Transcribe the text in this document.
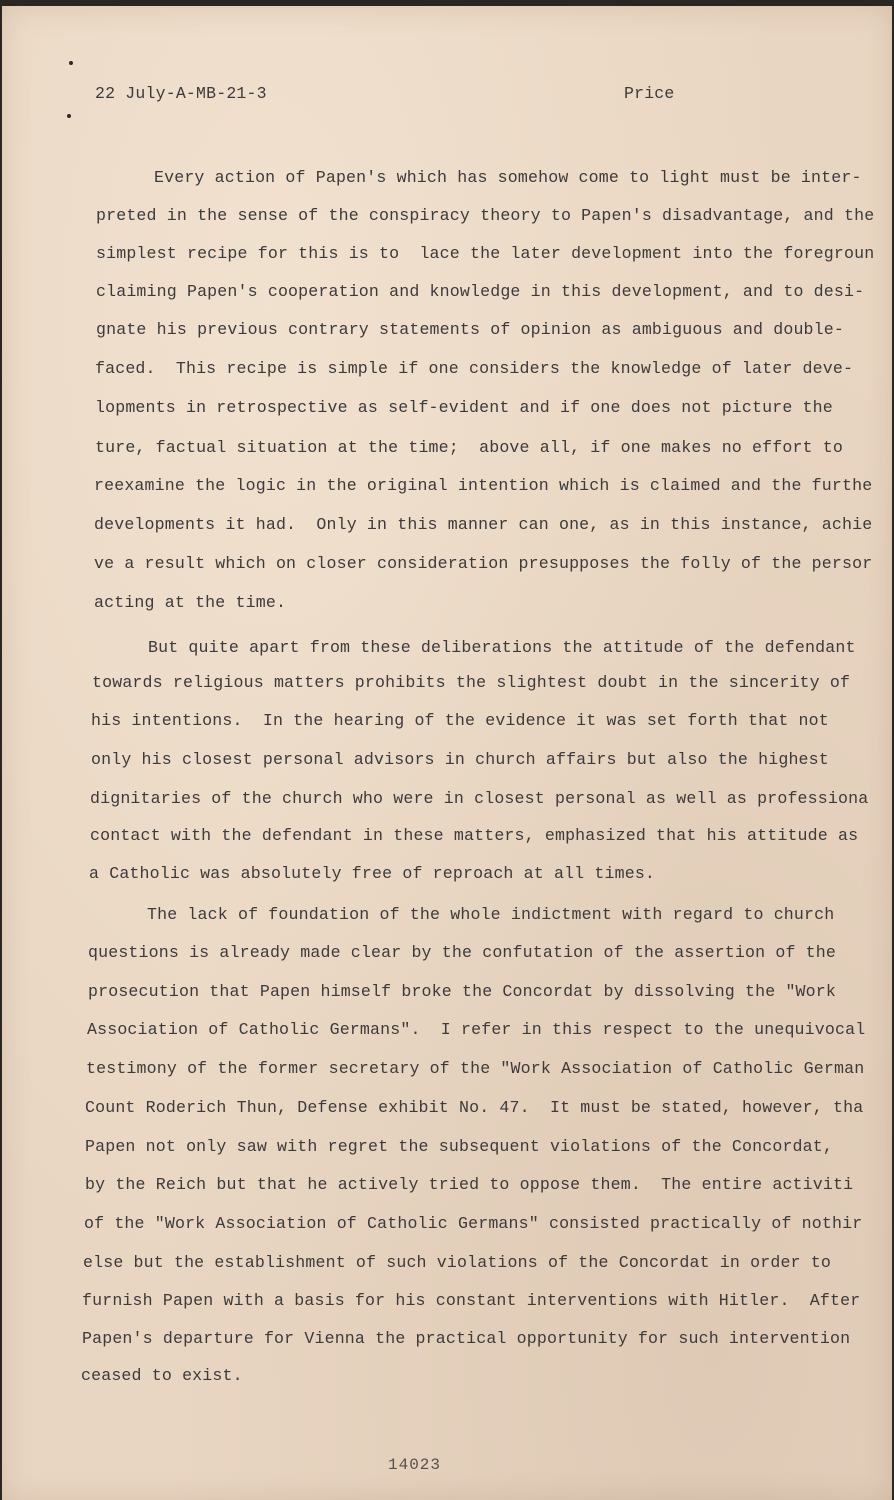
22 July-A-MB-21-3	Price
Every action of Papen's which has somehow come to light must be inter-
preted in the sense of the conspiracy theory to Papen's disadvantage, and the
simplest recipe for this is to  lace the later development into the foregroun
claiming Papen's cooperation and knowledge in this development, and to desi-
gnate his previous contrary statements of opinion as ambiguous and double-
faced.  This recipe is simple if one considers the knowledge of later deve-
lopments in retrospective as self-evident and if one does not picture the
ture, factual situation at the time;  above all, if one makes no effort to
reexamine the logic in the original intention which is claimed and the furthe
developments it had.  Only in this manner can one, as in this instance, achie
ve a result which on closer consideration presupposes the folly of the persor
acting at the time.
But quite apart from these deliberations the attitude of the defendant
towards religious matters prohibits the slightest doubt in the sincerity of
his intentions.  In the hearing of the evidence it was set forth that not
only his closest personal advisors in church affairs but also the highest
dignitaries of the church who were in closest personal as well as professiona
contact with the defendant in these matters, emphasized that his attitude as
a Catholic was absolutely free of reproach at all times.
The lack of foundation of the whole indictment with regard to church
questions is already made clear by the confutation of the assertion of the
prosecution that Papen himself broke the Concordat by dissolving the "Work
Association of Catholic Germans".  I refer in this respect to the unequivocal
testimony of the former secretary of the "Work Association of Catholic German
Count Roderich Thun, Defense exhibit No. 47.  It must be stated, however, tha
Papen not only saw with regret the subsequent violations of the Concordat,
by the Reich but that he actively tried to oppose them.  The entire activiti
of the "Work Association of Catholic Germans" consisted practically of nothir
else but the establishment of such violations of the Concordat in order to
furnish Papen with a basis for his constant interventions with Hitler.  After
Papen's departure for Vienna the practical opportunity for such intervention
ceased to exist.
14023
